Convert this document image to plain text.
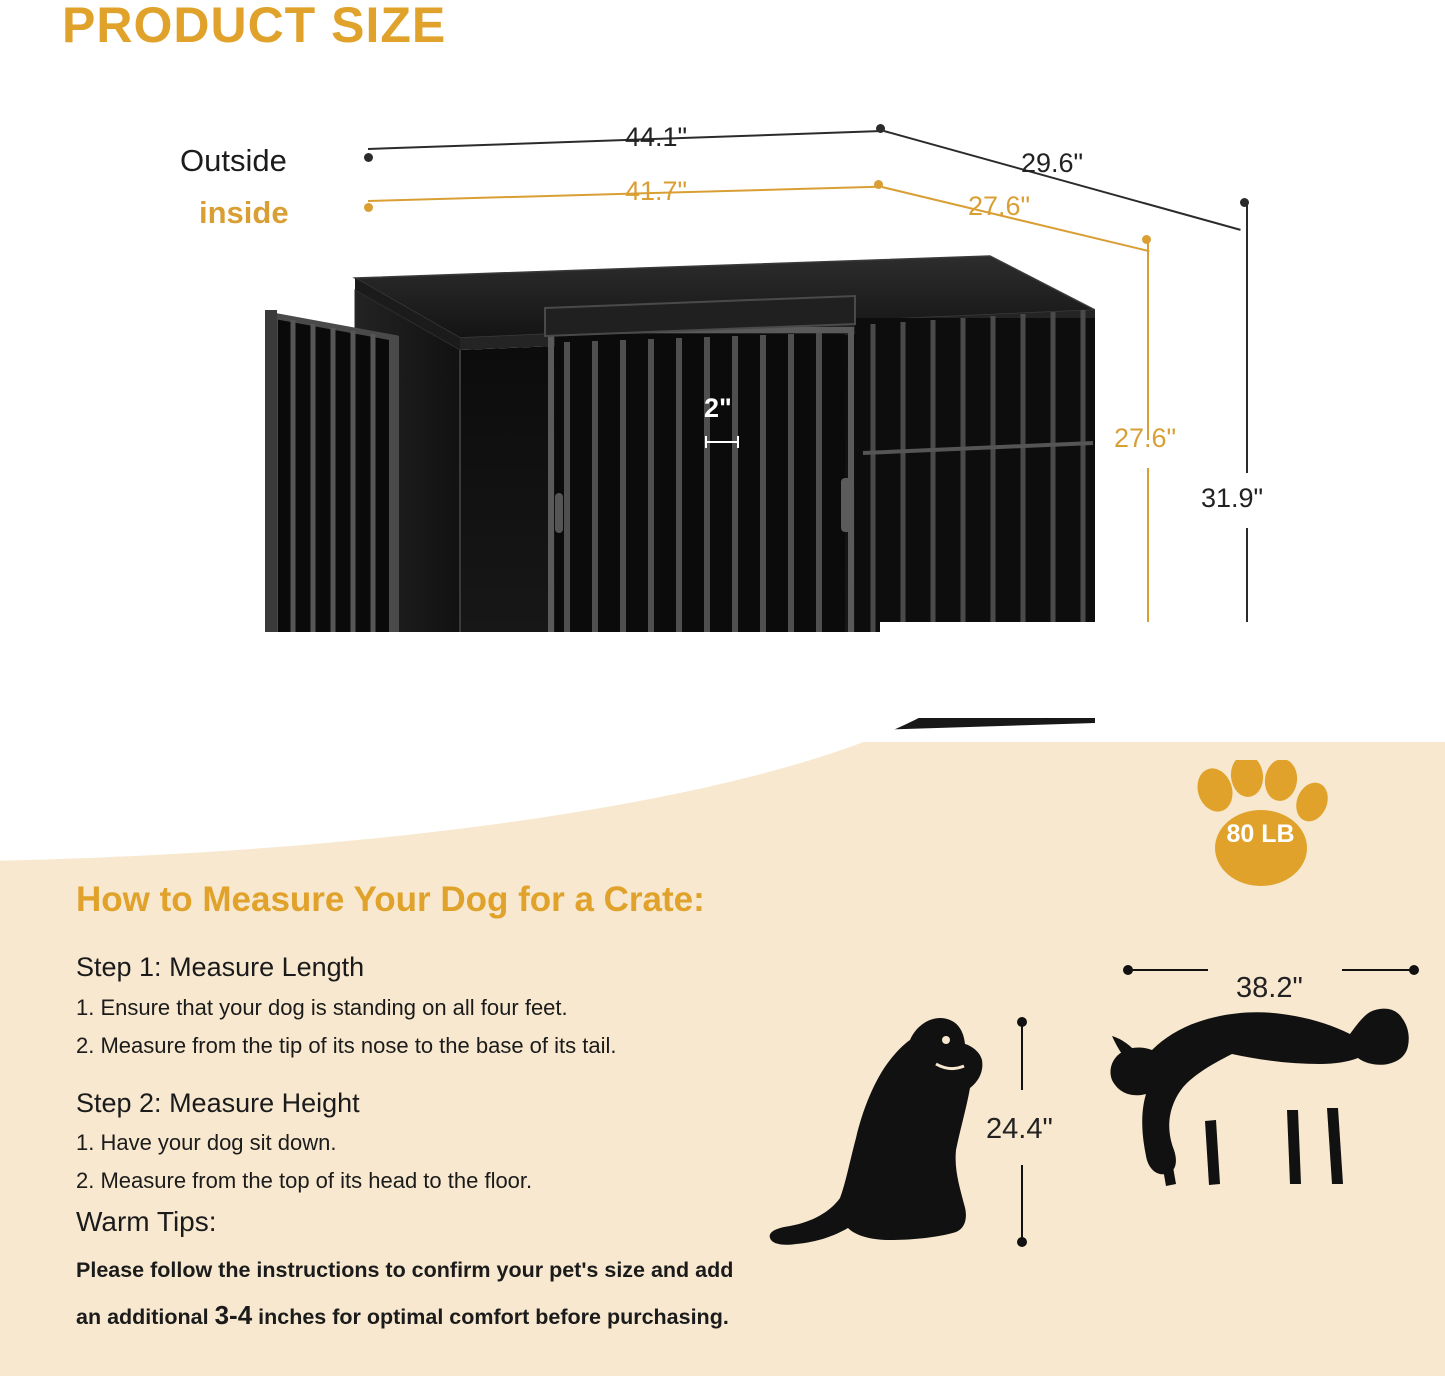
PRODUCT SIZE
Outside
inside
44.1"
29.6"
41.7"	27.6"
27.6"
31.9"
2"
80 LB
How to Measure Your Dog for a Crate:
Step 1: Measure Length
1. Ensure that your dog is standing on all four feet.
2. Measure from the tip of its nose to the base of its tail.
Step 2: Measure Height
1. Have your dog sit down.
2. Measure from the top of its head to the floor.
Warm Tips:
Please follow the instructions to confirm your pet's size and add
an additional 3-4 inches for optimal comfort before purchasing.
24.4"
38.2"
